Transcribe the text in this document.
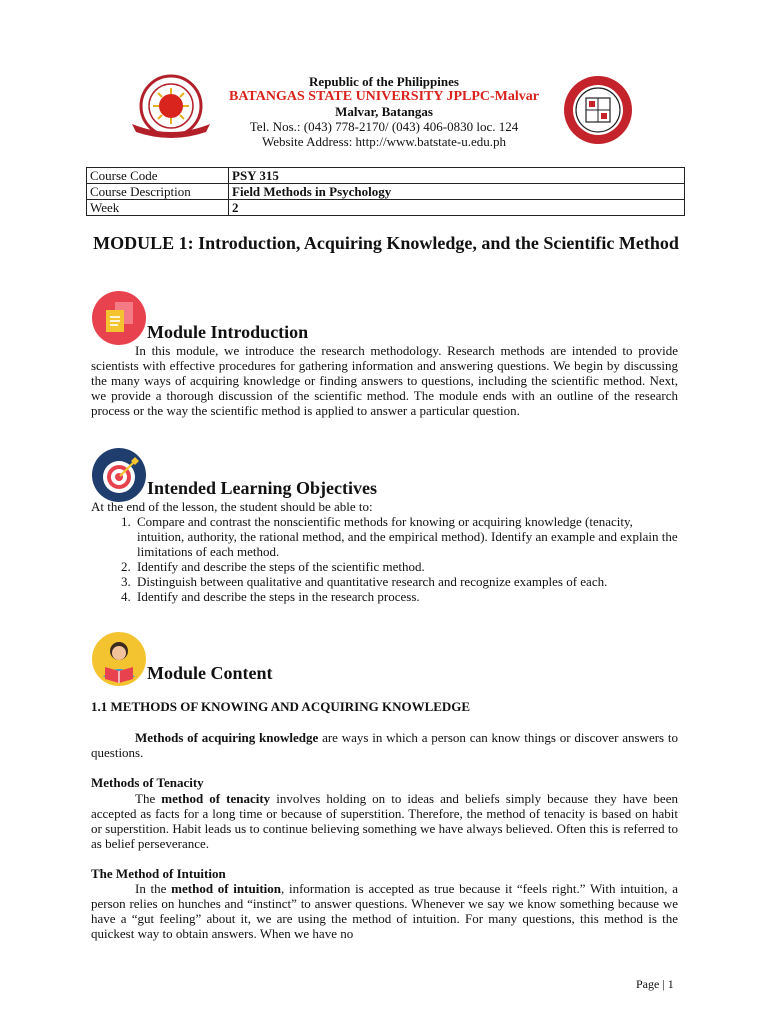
Republic of the Philippines
BATANGAS STATE UNIVERSITY JPLPC-Malvar
Malvar, Batangas
Tel. Nos.: (043) 778-2170/ (043) 406-0830 loc. 124
Website Address: http://www.batstate-u.edu.ph
Course Code	PSY 315
Course Description	Field Methods in Psychology
Week	2
MODULE 1: Introduction, Acquiring Knowledge, and the Scientific Method
Module Introduction
In this module, we introduce the research methodology. Research methods are intended to provide scientists with effective procedures for gathering information and answering questions. We begin by discussing the many ways of acquiring knowledge or finding answers to questions, including the scientific method. Next, we provide a thorough discussion of the scientific method. The module ends with an outline of the research process or the way the scientific method is applied to answer a particular question.
Intended Learning Objectives
At the end of the lesson, the student should be able to:
1. Compare and contrast the nonscientific methods for knowing or acquiring knowledge (tenacity, intuition, authority, the rational method, and the empirical method). Identify an example and explain the limitations of each method.
2. Identify and describe the steps of the scientific method.
3. Distinguish between qualitative and quantitative research and recognize examples of each.
4. Identify and describe the steps in the research process.
Module Content
1.1 METHODS OF KNOWING AND ACQUIRING KNOWLEDGE
Methods of acquiring knowledge are ways in which a person can know things or discover answers to questions.
Methods of Tenacity
The method of tenacity involves holding on to ideas and beliefs simply because they have been accepted as facts for a long time or because of superstition. Therefore, the method of tenacity is based on habit or superstition. Habit leads us to continue believing something we have always believed. Often this is referred to as belief perseverance.
The Method of Intuition
In the method of intuition, information is accepted as true because it “feels right.” With intuition, a person relies on hunches and “instinct” to answer questions. Whenever we say we know something because we have a “gut feeling” about it, we are using the method of intuition. For many questions, this method is the quickest way to obtain answers. When we have no
Page | 1
